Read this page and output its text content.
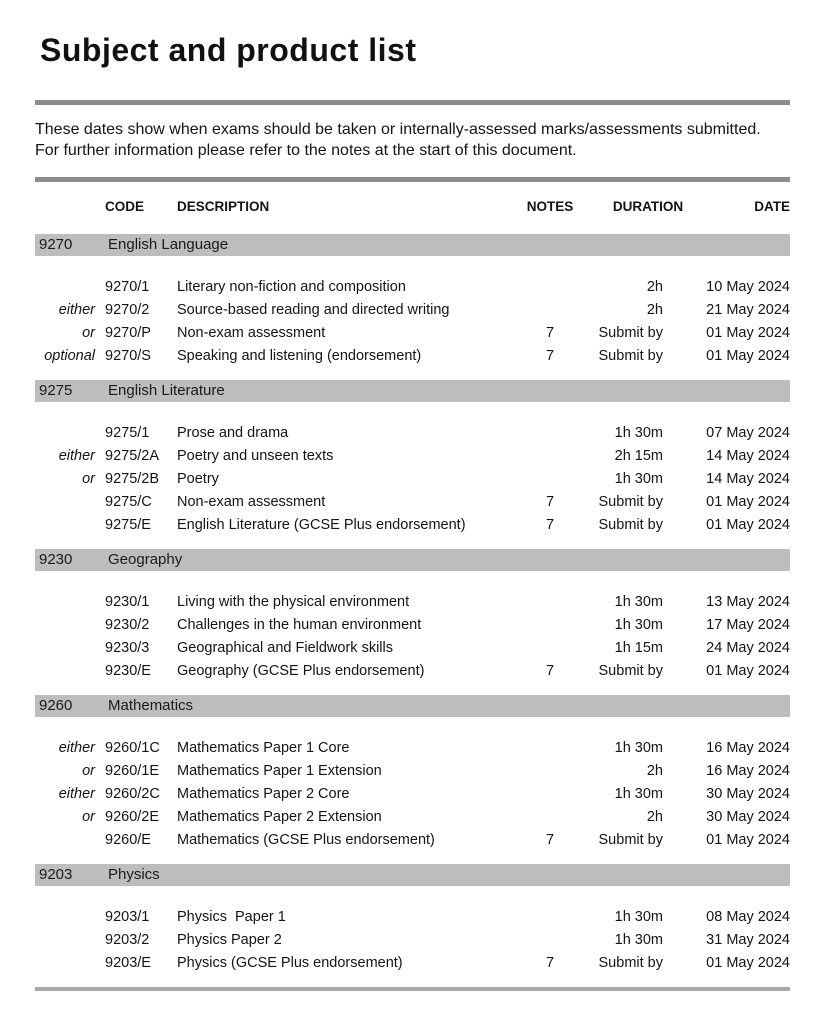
Subject and product list

These dates show when exams should be taken or internally-assessed marks/assessments submitted.  For further information please refer to the notes at the start of this document.

CODE	DESCRIPTION	NOTES	DURATION	DATE
9270	English Language
9270/1	Literary non-fiction and composition	2h	10 May 2024
either 9270/2	Source-based reading and directed writing	2h	21 May 2024
or 9270/P	Non-exam assessment	7	Submit by	01 May 2024
optional 9270/S	Speaking and listening (endorsement)	7	Submit by	01 May 2024
9275	English Literature
9275/1	Prose and drama	1h 30m	07 May 2024
either 9275/2A	Poetry and unseen texts	2h 15m	14 May 2024
or 9275/2B	Poetry	1h 30m	14 May 2024
9275/C	Non-exam assessment	7	Submit by	01 May 2024
9275/E	English Literature (GCSE Plus endorsement)	7	Submit by	01 May 2024
9230	Geography
9230/1	Living with the physical environment	1h 30m	13 May 2024
9230/2	Challenges in the human environment	1h 30m	17 May 2024
9230/3	Geographical and Fieldwork skills	1h 15m	24 May 2024
9230/E	Geography (GCSE Plus endorsement)	7	Submit by	01 May 2024
9260	Mathematics
either 9260/1C	Mathematics Paper 1 Core	1h 30m	16 May 2024
or 9260/1E	Mathematics Paper 1 Extension	2h	16 May 2024
either 9260/2C	Mathematics Paper 2 Core	1h 30m	30 May 2024
or 9260/2E	Mathematics Paper 2 Extension	2h	30 May 2024
9260/E	Mathematics (GCSE Plus endorsement)	7	Submit by	01 May 2024
9203	Physics
9203/1	Physics  Paper 1	1h 30m	08 May 2024
9203/2	Physics Paper 2	1h 30m	31 May 2024
9203/E	Physics (GCSE Plus endorsement)	7	Submit by	01 May 2024
